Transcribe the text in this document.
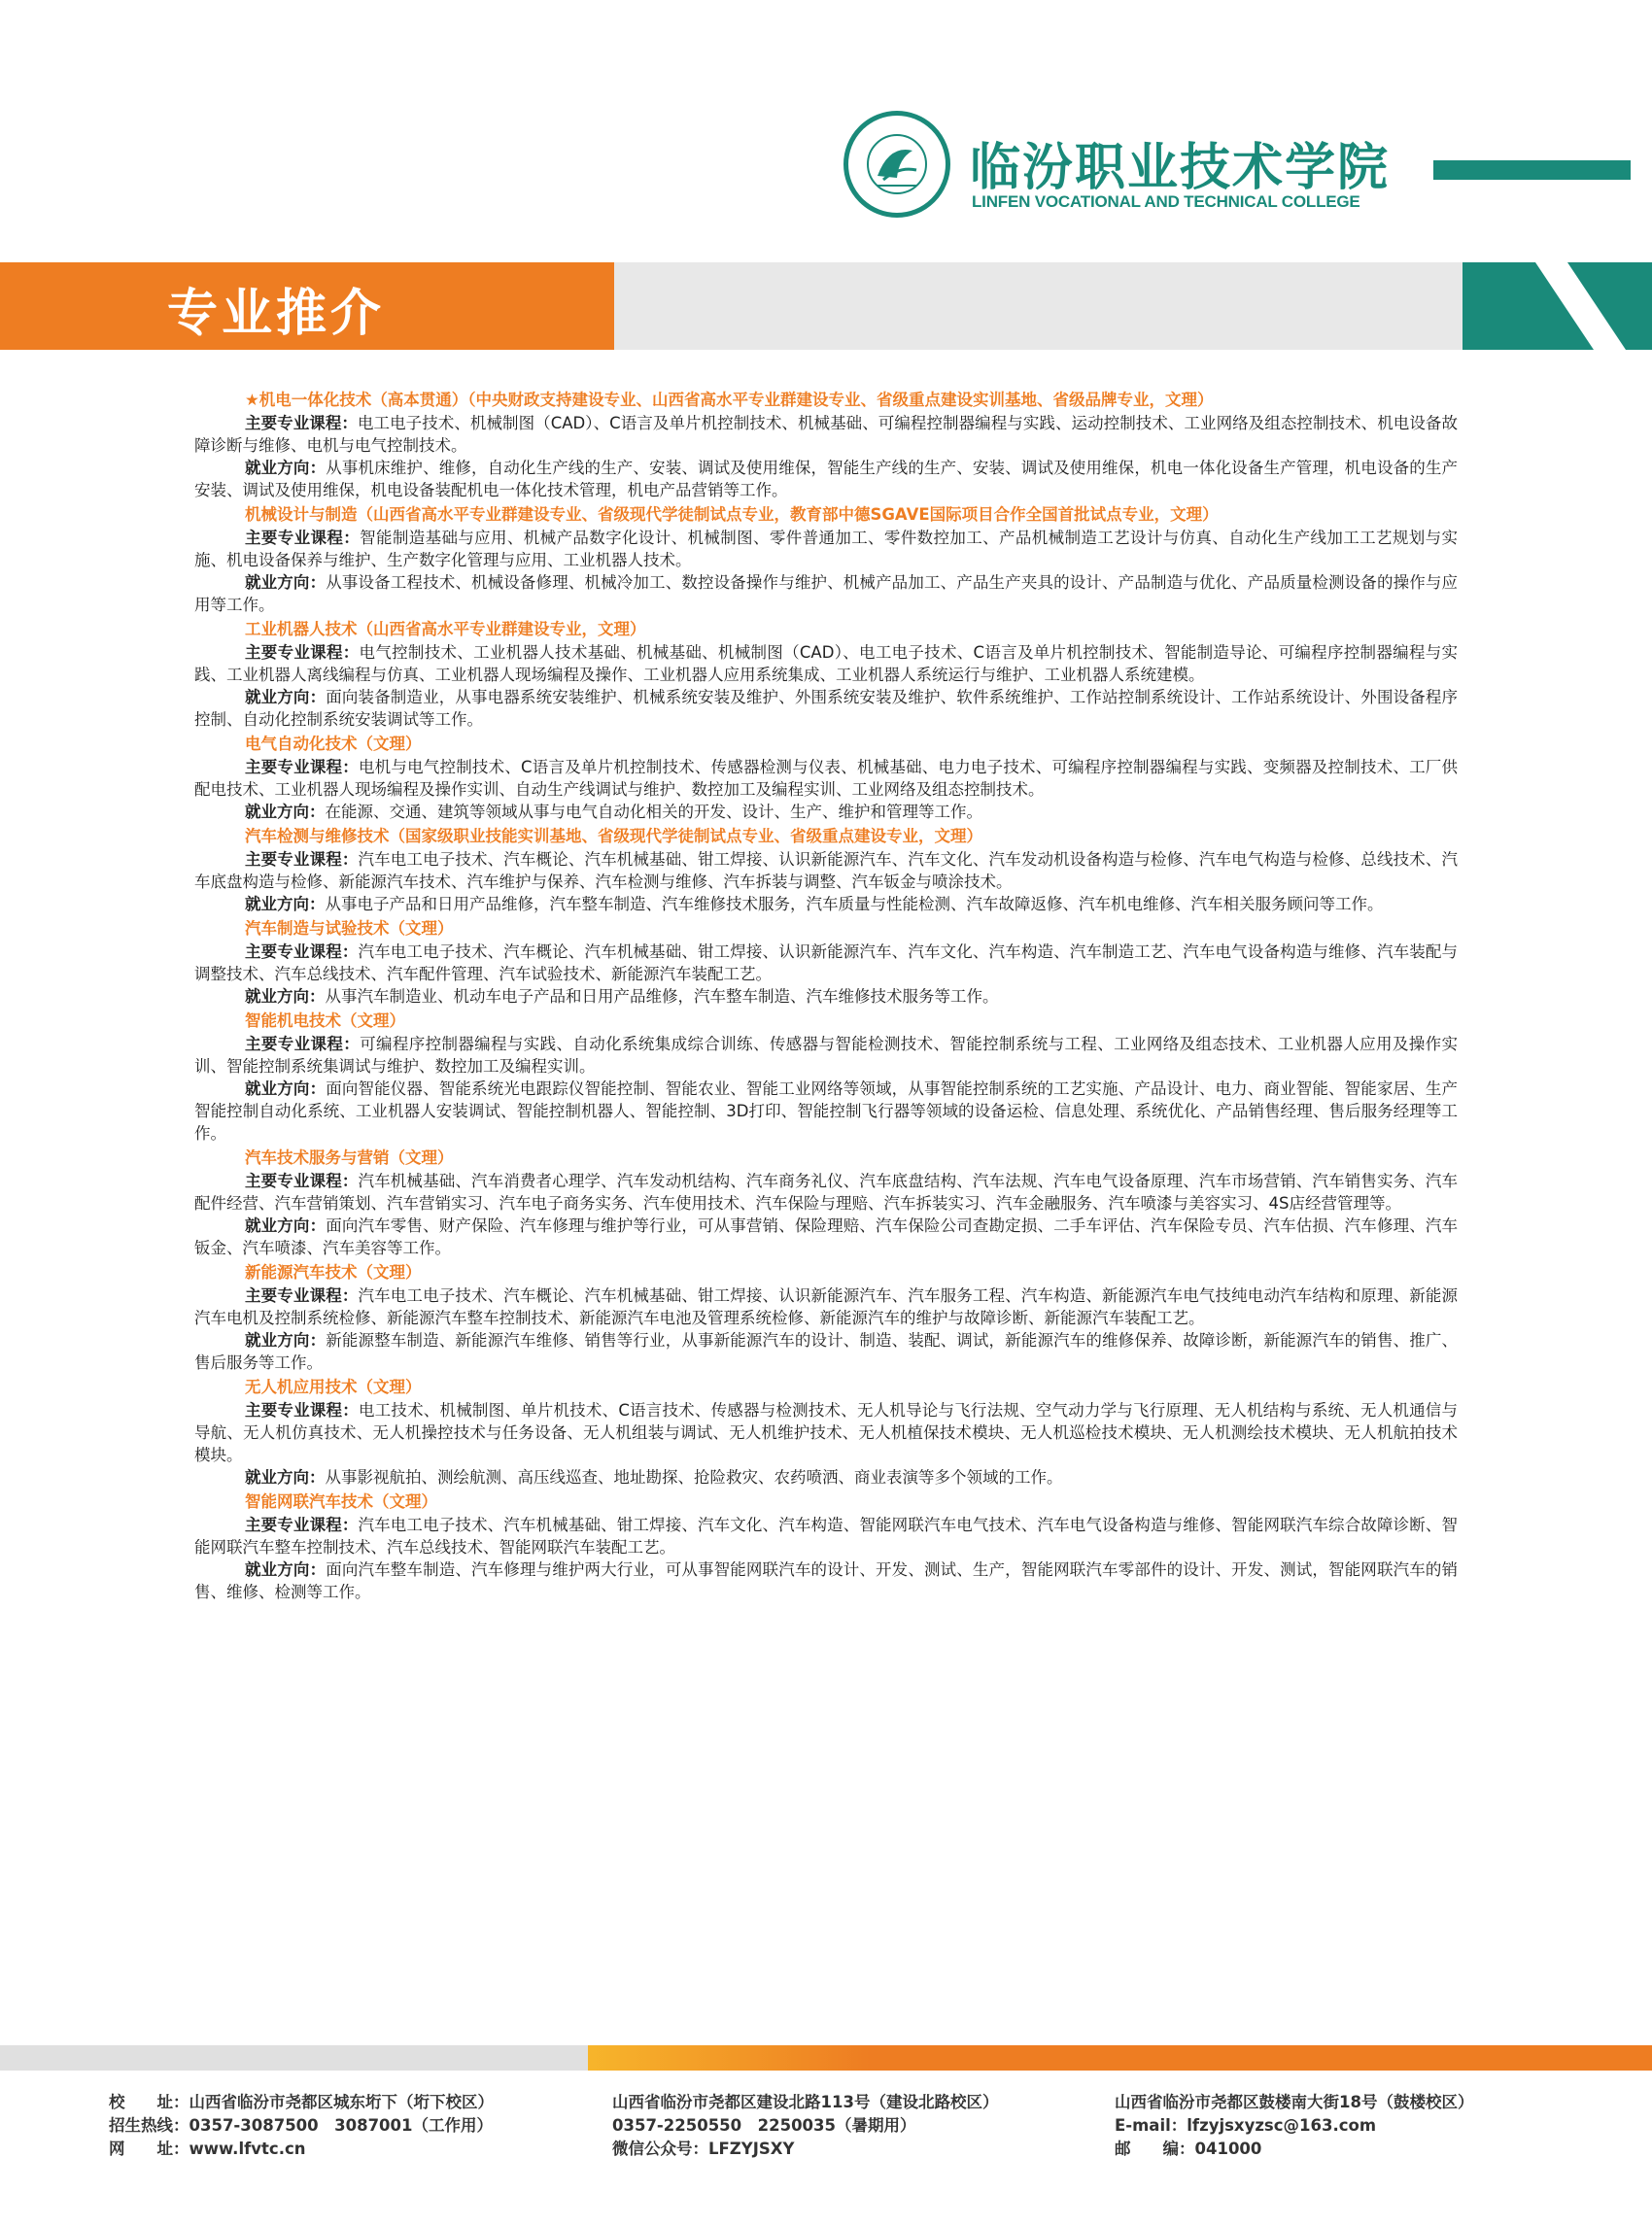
临汾职业技术学院
LINFEN VOCATIONAL AND TECHNICAL COLLEGE
专业推介
★机电一体化技术（高本贯通）（中央财政支持建设专业、山西省高水平专业群建设专业、省级重点建设实训基地、省级品牌专业，文理）
主要专业课程：电工电子技术、机械制图（CAD）、C语言及单片机控制技术、机械基础、可编程控制器编程与实践、运动控制技术、工业网络及组态控制技术、机电设备故障诊断与维修、电机与电气控制技术。
就业方向：从事机床维护、维修，自动化生产线的生产、安装、调试及使用维保，智能生产线的生产、安装、调试及使用维保，机电一体化设备生产管理，机电设备的生产安装、调试及使用维保，机电设备装配机电一体化技术管理，机电产品营销等工作。
机械设计与制造（山西省高水平专业群建设专业、省级现代学徒制试点专业，教育部中德SGAVE国际项目合作全国首批试点专业，文理）
主要专业课程：智能制造基础与应用、机械产品数字化设计、机械制图、零件普通加工、零件数控加工、产品机械制造工艺设计与仿真、自动化生产线加工工艺规划与实施、机电设备保养与维护、生产数字化管理与应用、工业机器人技术。
就业方向：从事设备工程技术、机械设备修理、机械冷加工、数控设备操作与维护、机械产品加工、产品生产夹具的设计、产品制造与优化、产品质量检测设备的操作与应用等工作。
工业机器人技术（山西省高水平专业群建设专业，文理）
主要专业课程：电气控制技术、工业机器人技术基础、机械基础、机械制图（CAD）、电工电子技术、C语言及单片机控制技术、智能制造导论、可编程序控制器编程与实践、工业机器人离线编程与仿真、工业机器人现场编程及操作、工业机器人应用系统集成、工业机器人系统运行与维护、工业机器人系统建模。
就业方向：面向装备制造业，从事电器系统安装维护、机械系统安装及维护、外围系统安装及维护、软件系统维护、工作站控制系统设计、工作站系统设计、外围设备程序控制、自动化控制系统安装调试等工作。
电气自动化技术（文理）
主要专业课程：电机与电气控制技术、C语言及单片机控制技术、传感器检测与仪表、机械基础、电力电子技术、可编程序控制器编程与实践、变频器及控制技术、工厂供配电技术、工业机器人现场编程及操作实训、自动生产线调试与维护、数控加工及编程实训、工业网络及组态控制技术。
就业方向：在能源、交通、建筑等领域从事与电气自动化相关的开发、设计、生产、维护和管理等工作。
汽车检测与维修技术（国家级职业技能实训基地、省级现代学徒制试点专业、省级重点建设专业，文理）
主要专业课程：汽车电工电子技术、汽车概论、汽车机械基础、钳工焊接、认识新能源汽车、汽车文化、汽车发动机设备构造与检修、汽车电气构造与检修、总线技术、汽车底盘构造与检修、新能源汽车技术、汽车维护与保养、汽车检测与维修、汽车拆装与调整、汽车钣金与喷涂技术。
就业方向：从事电子产品和日用产品维修，汽车整车制造、汽车维修技术服务，汽车质量与性能检测、汽车故障返修、汽车机电维修、汽车相关服务顾问等工作。
汽车制造与试验技术（文理）
主要专业课程：汽车电工电子技术、汽车概论、汽车机械基础、钳工焊接、认识新能源汽车、汽车文化、汽车构造、汽车制造工艺、汽车电气设备构造与维修、汽车装配与调整技术、汽车总线技术、汽车配件管理、汽车试验技术、新能源汽车装配工艺。
就业方向：从事汽车制造业、机动车电子产品和日用产品维修，汽车整车制造、汽车维修技术服务等工作。
智能机电技术（文理）
主要专业课程：可编程序控制器编程与实践、自动化系统集成综合训练、传感器与智能检测技术、智能控制系统与工程、工业网络及组态技术、工业机器人应用及操作实训、智能控制系统集调试与维护、数控加工及编程实训。
就业方向：面向智能仪器、智能系统光电跟踪仪智能控制、智能农业、智能工业网络等领域，从事智能控制系统的工艺实施、产品设计、电力、商业智能、智能家居、生产智能控制自动化系统、工业机器人安装调试、智能控制机器人、智能控制、3D打印、智能控制飞行器等领域的设备运检、信息处理、系统优化、产品销售经理、售后服务经理等工作。
汽车技术服务与营销（文理）
主要专业课程：汽车机械基础、汽车消费者心理学、汽车发动机结构、汽车商务礼仪、汽车底盘结构、汽车法规、汽车电气设备原理、汽车市场营销、汽车销售实务、汽车配件经营、汽车营销策划、汽车营销实习、汽车电子商务实务、汽车使用技术、汽车保险与理赔、汽车拆装实习、汽车金融服务、汽车喷漆与美容实习、4S店经营管理等。
就业方向：面向汽车零售、财产保险、汽车修理与维护等行业，可从事营销、保险理赔、汽车保险公司查勘定损、二手车评估、汽车保险专员、汽车估损、汽车修理、汽车钣金、汽车喷漆、汽车美容等工作。
新能源汽车技术（文理）
主要专业课程：汽车电工电子技术、汽车概论、汽车机械基础、钳工焊接、认识新能源汽车、汽车服务工程、汽车构造、新能源汽车电气技纯电动汽车结构和原理、新能源汽车电机及控制系统检修、新能源汽车整车控制技术、新能源汽车电池及管理系统检修、新能源汽车的维护与故障诊断、新能源汽车装配工艺。
就业方向：新能源整车制造、新能源汽车维修、销售等行业，从事新能源汽车的设计、制造、装配、调试，新能源汽车的维修保养、故障诊断，新能源汽车的销售、推广、售后服务等工作。
无人机应用技术（文理）
主要专业课程：电工技术、机械制图、单片机技术、C语言技术、传感器与检测技术、无人机导论与飞行法规、空气动力学与飞行原理、无人机结构与系统、无人机通信与导航、无人机仿真技术、无人机操控技术与任务设备、无人机组装与调试、无人机维护技术、无人机植保技术模块、无人机巡检技术模块、无人机测绘技术模块、无人机航拍技术模块。
就业方向：从事影视航拍、测绘航测、高压线巡查、地址勘探、抢险救灾、农药喷洒、商业表演等多个领域的工作。
智能网联汽车技术（文理）
主要专业课程：汽车电工电子技术、汽车机械基础、钳工焊接、汽车文化、汽车构造、智能网联汽车电气技术、汽车电气设备构造与维修、智能网联汽车综合故障诊断、智能网联汽车整车控制技术、汽车总线技术、智能网联汽车装配工艺。
就业方向：面向汽车整车制造、汽车修理与维护两大行业，可从事智能网联汽车的设计、开发、测试、生产，智能网联汽车零部件的设计、开发、测试，智能网联汽车的销售、维修、检测等工作。
校　　址：山西省临汾市尧都区城东垳下（垳下校区）
招生热线：0357-3087500　3087001（工作用）
网　　址：www.lfvtc.cn
山西省临汾市尧都区建设北路113号（建设北路校区）
0357-2250550　2250035（暑期用）
微信公众号：LFZYJSXY
山西省临汾市尧都区鼓楼南大街18号（鼓楼校区）
E-mail：lfzyjsxyzsc@163.com
邮　　编：041000
